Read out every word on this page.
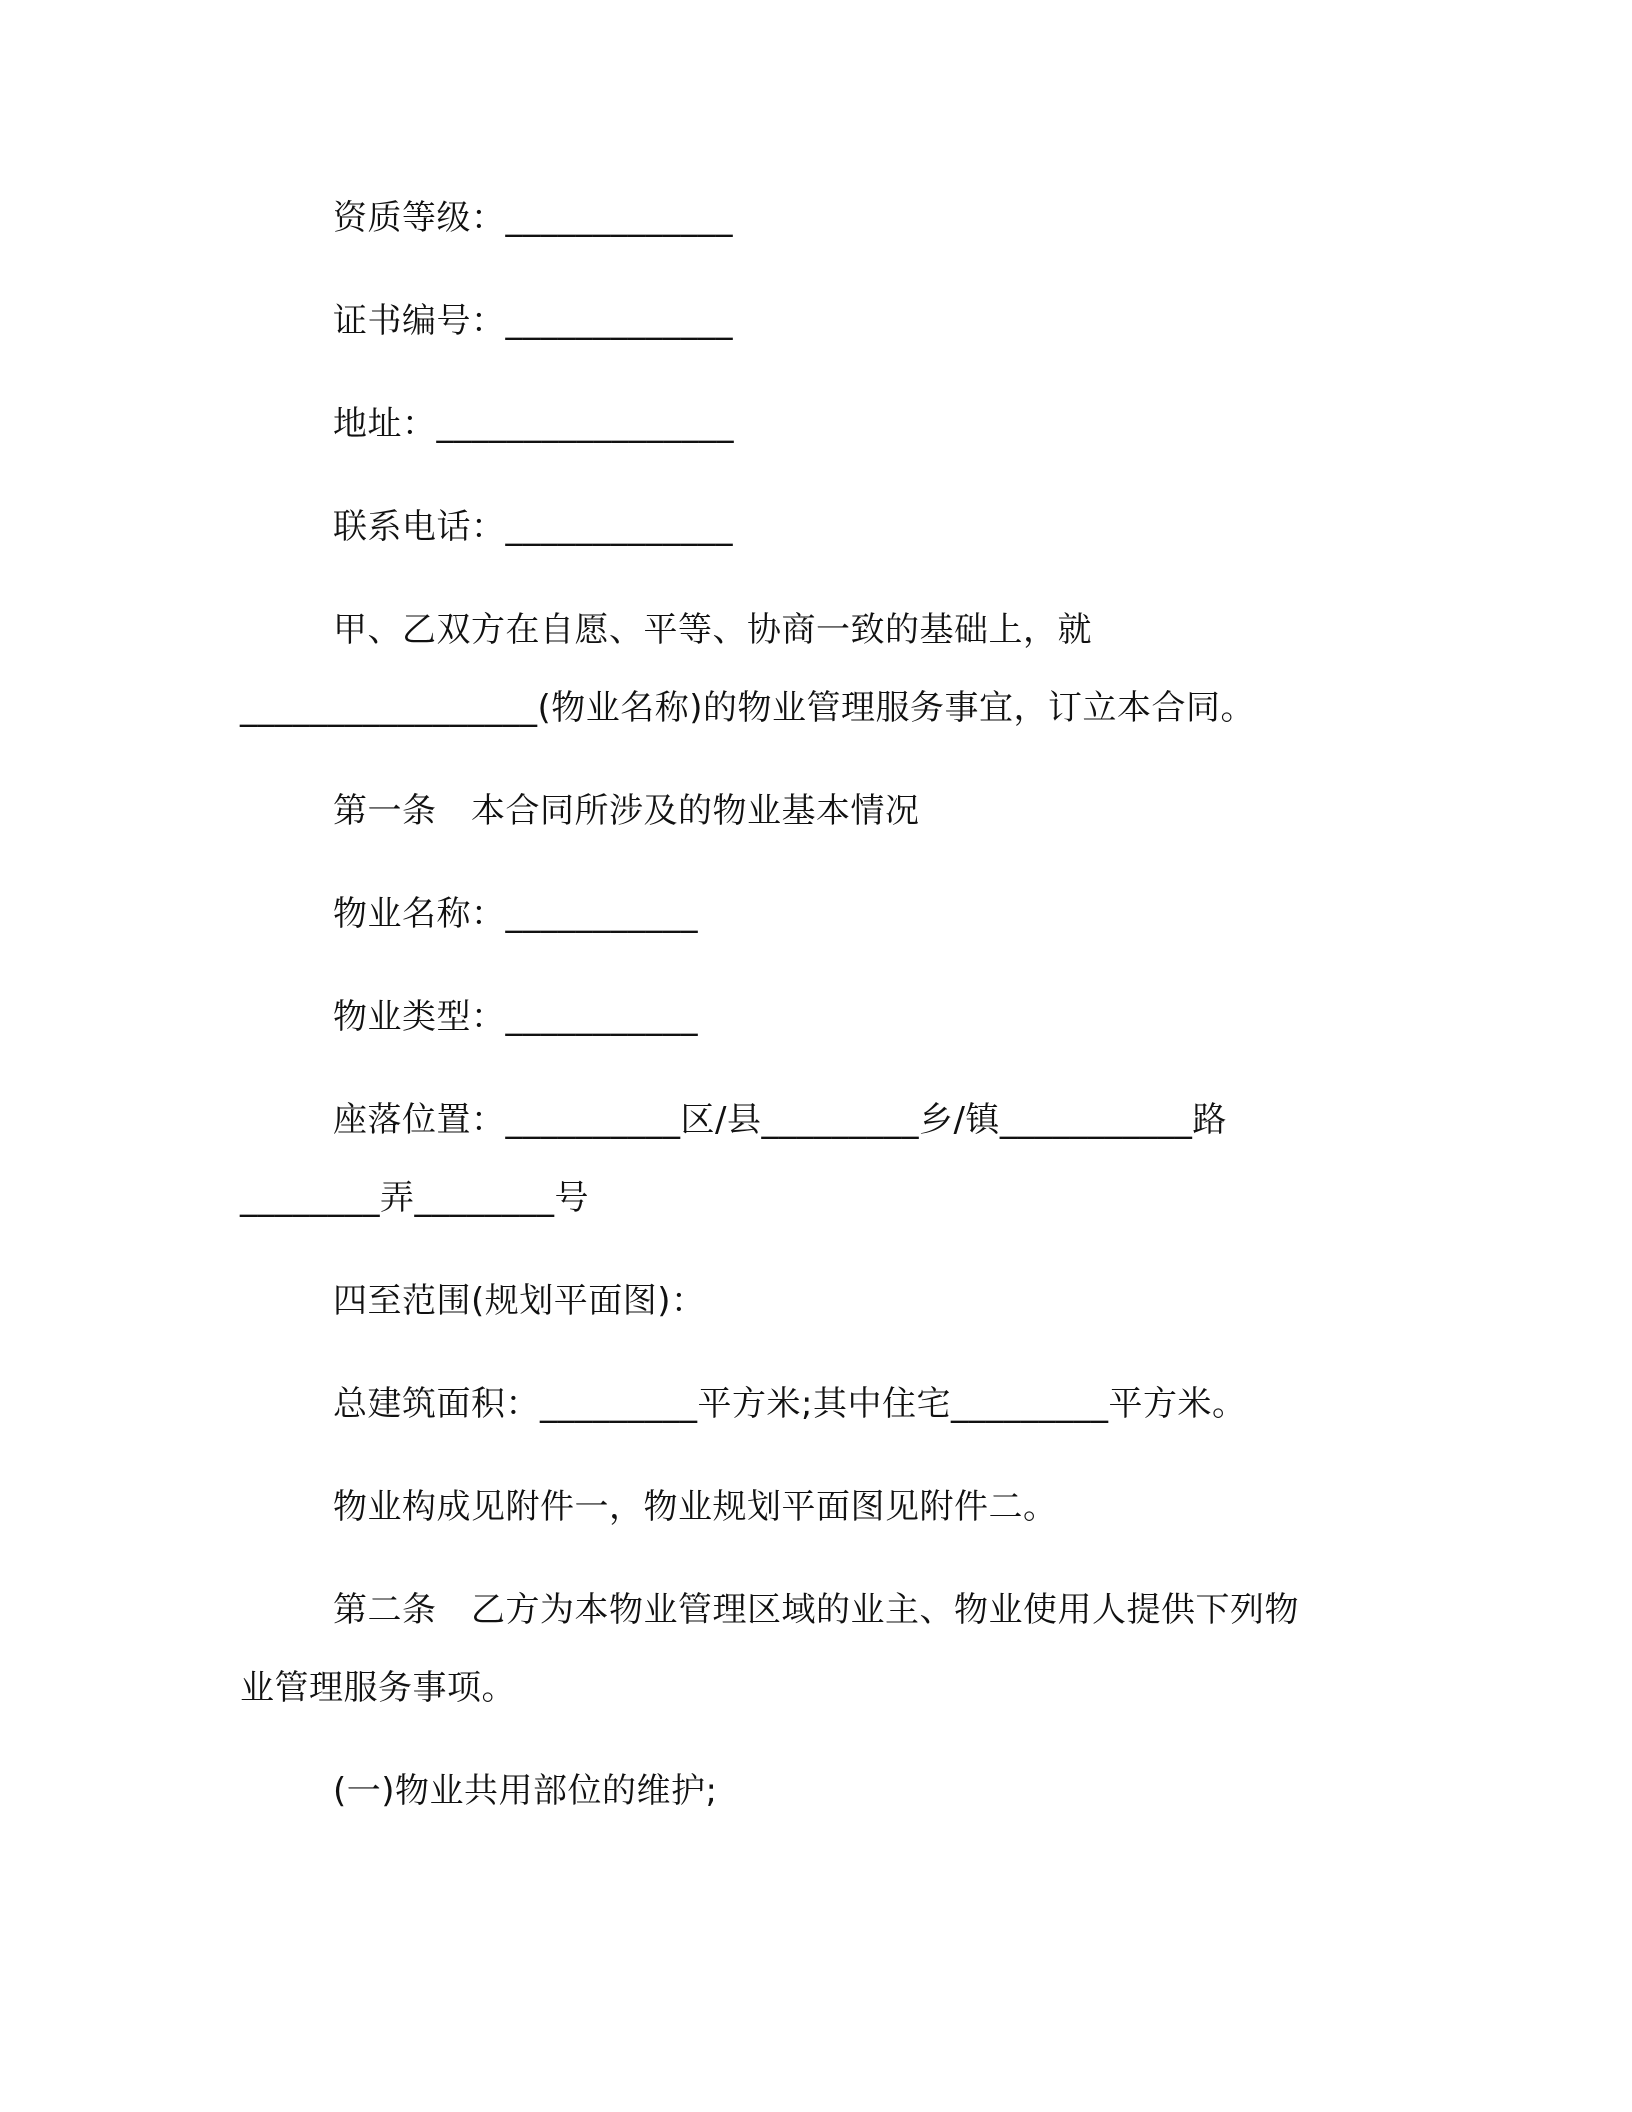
资质等级：_____________
证书编号：_____________
地址：_________________
联系电话：_____________
甲、乙双方在自愿、平等、协商一致的基础上，就
_________________(物业名称)的物业管理服务事宜，订立本合同。
第一条　本合同所涉及的物业基本情况
物业名称：___________
物业类型：___________
座落位置：__________区/县_________乡/镇___________路
________弄________号
四至范围(规划平面图)：
总建筑面积：_________平方米;其中住宅_________平方米。
物业构成见附件一，物业规划平面图见附件二。
第二条　乙方为本物业管理区域的业主、物业使用人提供下列物
业管理服务事项。
(一)物业共用部位的维护;
